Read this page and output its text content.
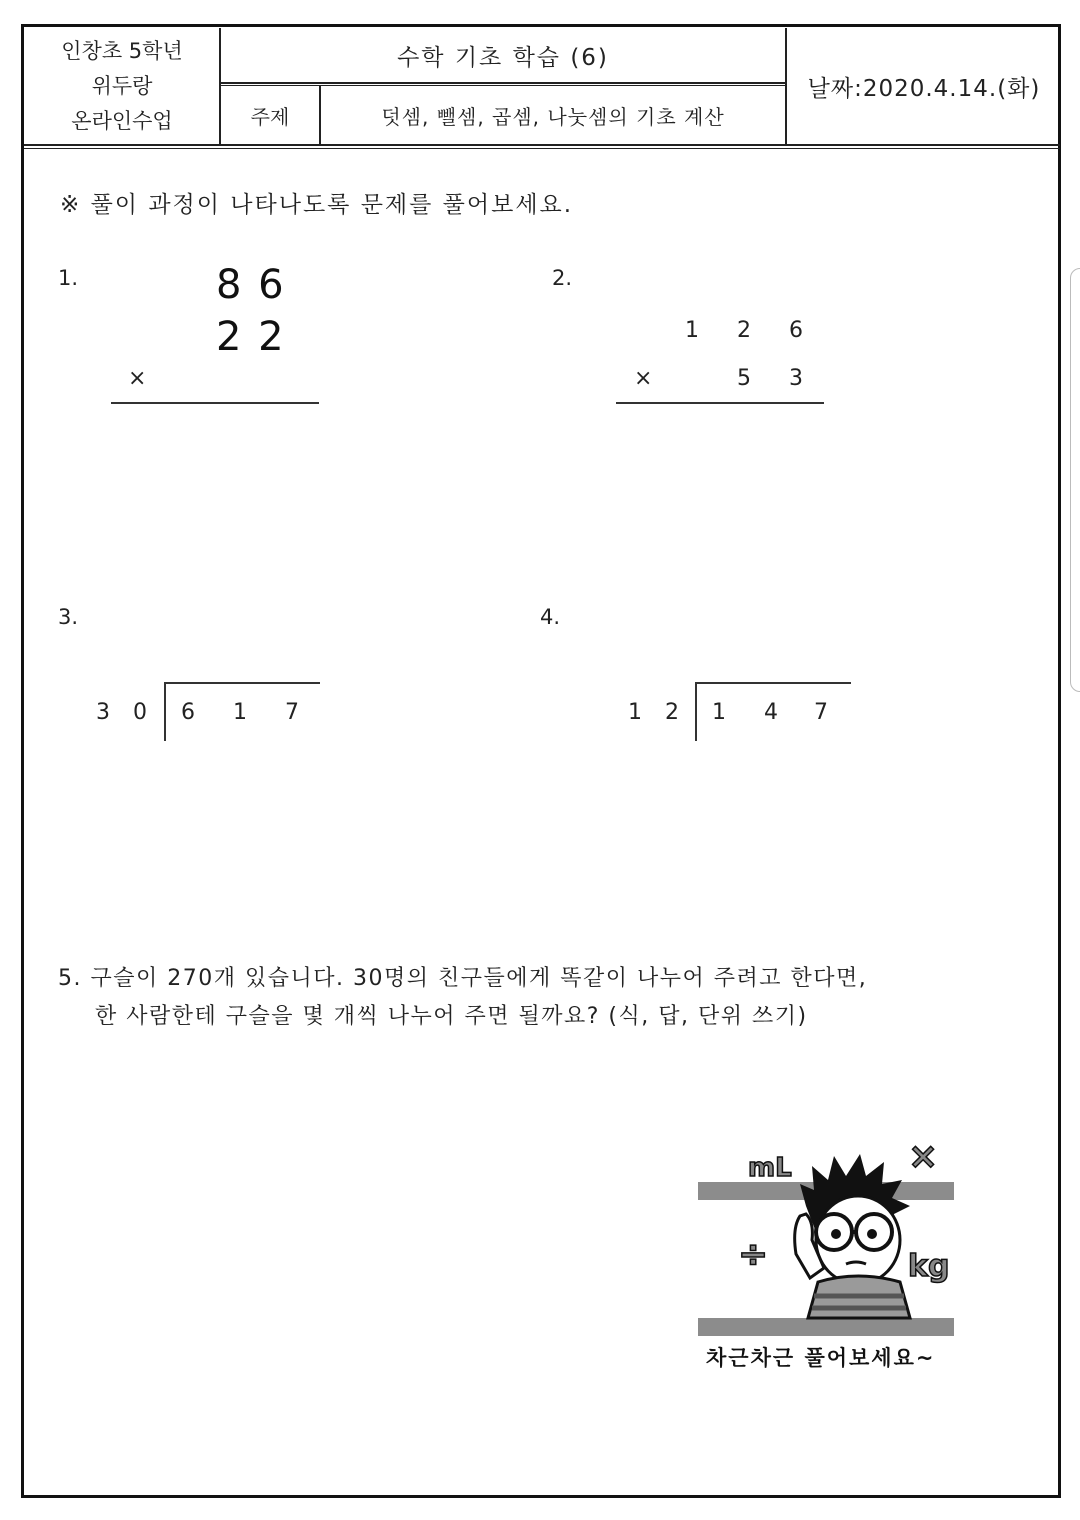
인창초 5학년
위두랑
온라인수업
수학 기초 학습 (6)
주제	덧셈, 뺄셈, 곱셈, 나눗셈의 기초 계산
날짜:2020.4.14.(화)
※ 풀이 과정이 나타나도록 문제를 풀어보세요.
1.	8 6
2 2
×
2.
1	2	6
×	5	3
3.
3 0	6	1	7
4.
1 2	1	4	7
5. 구슬이 270개 있습니다. 30명의 친구들에게 똑같이 나누어 주려고 한다면,
한 사람한테 구슬을 몇 개씩 나누어 주면 될까요? (식, 답, 단위 쓰기)
mL
kg
÷
×
차근차근 풀어보세요~
